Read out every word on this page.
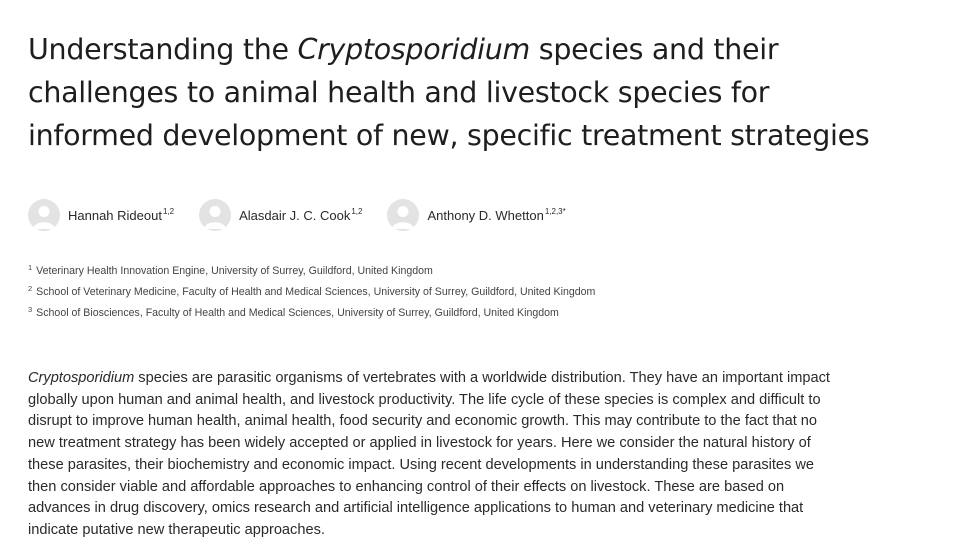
Understanding the Cryptosporidium species and their
challenges to animal health and livestock species for
informed development of new, specific treatment strategies
Hannah Rideout$^{1,2}$	Alasdair J. C. Cook$^{1,2}$	Anthony D. Whetton$^{1,2,3*}$
$^1$ Veterinary Health Innovation Engine, University of Surrey, Guildford, United Kingdom
$^2$ School of Veterinary Medicine, Faculty of Health and Medical Sciences, University of Surrey, Guildford, United Kingdom
$^3$ School of Biosciences, Faculty of Health and Medical Sciences, University of Surrey, Guildford, United Kingdom

Cryptosporidium species are parasitic organisms of vertebrates with a worldwide distribution. They have an important impact
globally upon human and animal health, and livestock productivity. The life cycle of these species is complex and difficult to
disrupt to improve human health, animal health, food security and economic growth. This may contribute to the fact that no
new treatment strategy has been widely accepted or applied in livestock for years. Here we consider the natural history of
these parasites, their biochemistry and economic impact. Using recent developments in understanding these parasites we
then consider viable and affordable approaches to enhancing control of their effects on livestock. These are based on
advances in drug discovery, omics research and artificial intelligence applications to human and veterinary medicine that
indicate putative new therapeutic approaches.
